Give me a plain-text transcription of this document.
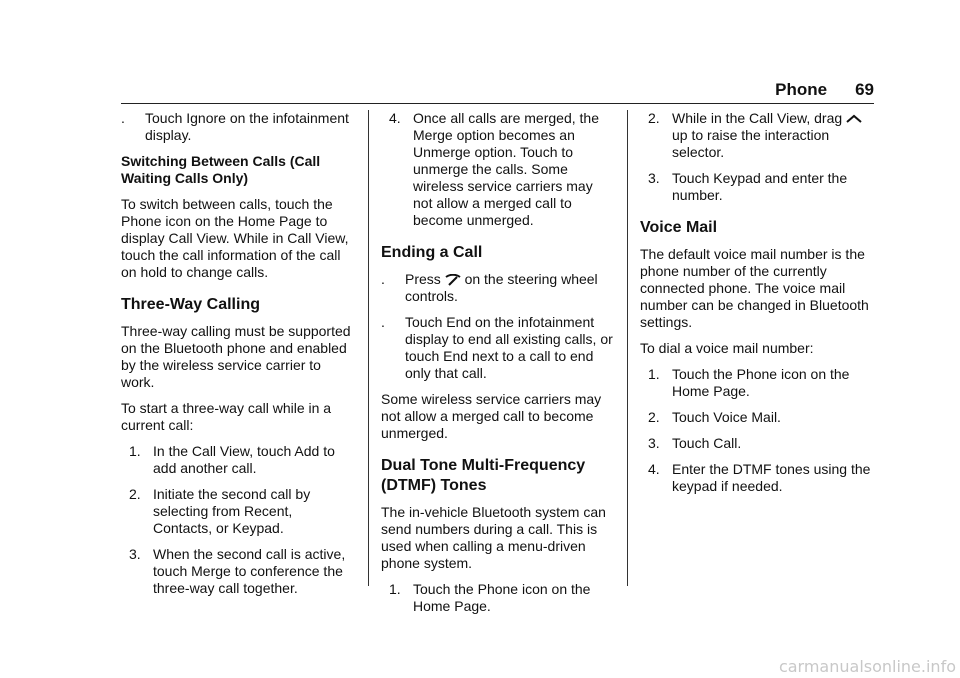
Phone 69
. Touch Ignore on the infotainment display.

Switching Between Calls (Call Waiting Calls Only)

To switch between calls, touch the Phone icon on the Home Page to display Call View. While in Call View, touch the call information of the call on hold to change calls.

Three-Way Calling

Three-way calling must be supported on the Bluetooth phone and enabled by the wireless service carrier to work.

To start a three-way call while in a current call:

1. In the Call View, touch Add to add another call.
2. Initiate the second call by selecting from Recent, Contacts, or Keypad.
3. When the second call is active, touch Merge to conference the three-way call together.
4. Once all calls are merged, the Merge option becomes an Unmerge option. Touch to unmerge the calls. Some wireless service carriers may not allow a merged call to become unmerged.
Ending a Call
. Press on the steering wheel controls.
. Touch End on the infotainment display to end all existing calls, or touch End next to a call to end only that call.

Some wireless service carriers may not allow a merged call to become unmerged.

Dual Tone Multi-Frequency (DTMF) Tones

The in-vehicle Bluetooth system can send numbers during a call. This is used when calling a menu-driven phone system.

1. Touch the Phone icon on the Home Page.
2. While in the Call View, drag  up to raise the interaction selector.
3. Touch Keypad and enter the number.
Voice Mail

The default voice mail number is the phone number of the currently connected phone. The voice mail number can be changed in Bluetooth settings.

To dial a voice mail number:

1. Touch the Phone icon on the Home Page.
2. Touch Voice Mail.
3. Touch Call.
4. Enter the DTMF tones using the keypad if needed.
carmanualsonline.info
